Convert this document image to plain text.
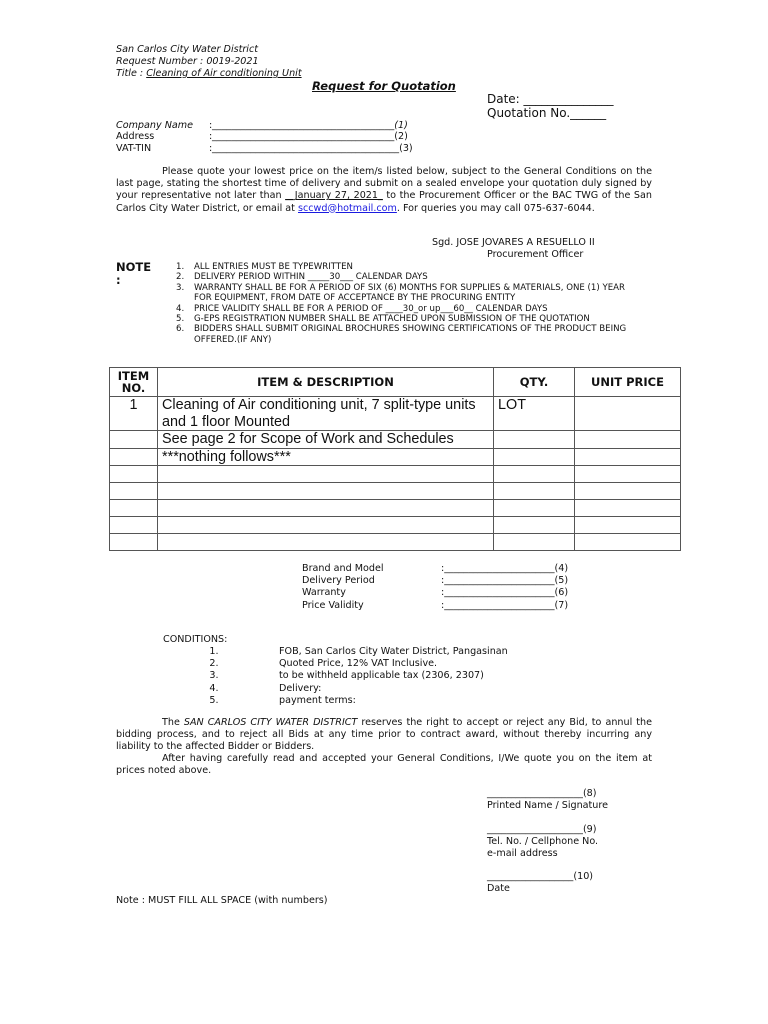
San Carlos City Water District
Request Number : 0019-2021
Title : Cleaning of Air conditioning Unit
Request for Quotation
Date: _______________
Quotation No.______
Company Name : ______________________________________(1)
Address	: ______________________________________(2)
VAT-TIN	: _______________________________________(3)
Please quote your lowest price on the item/s listed below, subject to the General Conditions on the last page, stating the shortest time of delivery and submit on a sealed envelope your quotation duly signed by your representative not later than __January 27, 2021_ to the Procurement Officer or the BAC TWG of the San Carlos City Water District, or email at sccwd@hotmail.com. For queries you may call 075-637-6044.
Sgd. JOSE JOVARES A RESUELLO II
Procurement Officer
NOTE :
1. ALL ENTRIES MUST BE TYPEWRITTEN
2. DELIVERY PERIOD WITHIN _____30___ CALENDAR DAYS
3. WARRANTY SHALL BE FOR A PERIOD OF SIX (6) MONTHS FOR SUPPLIES & MATERIALS, ONE (1) YEAR FOR EQUIPMENT, FROM DATE OF ACCEPTANCE BY THE PROCURING ENTITY
4. PRICE VALIDITY SHALL BE FOR A PERIOD OF ____30_or up___60__ CALENDAR DAYS
5. G-EPS REGISTRATION NUMBER SHALL BE ATTACHED UPON SUBMISSION OF THE QUOTATION
6. BIDDERS SHALL SUBMIT ORIGINAL BROCHURES SHOWING CERTIFICATIONS OF THE PRODUCT BEING OFFERED.(IF ANY)
ITEM NO.	ITEM & DESCRIPTION	QTY.	UNIT PRICE
1	Cleaning of Air conditioning unit, 7 split-type units and 1 floor Mounted	LOT	
	See page 2 for Scope of Work and Schedules		
	***nothing follows***		

Brand and Model	:_______________________(4)
Delivery Period	:_______________________(5)
Warranty	:_______________________(6)
Price Validity	:_______________________(7)
CONDITIONS:
1.	FOB, San Carlos City Water District, Pangasinan
2.	Quoted Price, 12% VAT Inclusive.
3.	to be withheld applicable tax (2306, 2307)
4.	Delivery:
5.	payment terms:
The SAN CARLOS CITY WATER DISTRICT reserves the right to accept or reject any Bid, to annul the bidding process, and to reject all Bids at any time prior to contract award, without thereby incurring any liability to the affected Bidder or Bidders.
After having carefully read and accepted your General Conditions, I/We quote you on the item at prices noted above.
____________________(8)
Printed Name / Signature
____________________(9)
Tel. No. / Cellphone No.
e-mail address
__________________(10)
Date
Note : MUST FILL ALL SPACE (with numbers)
